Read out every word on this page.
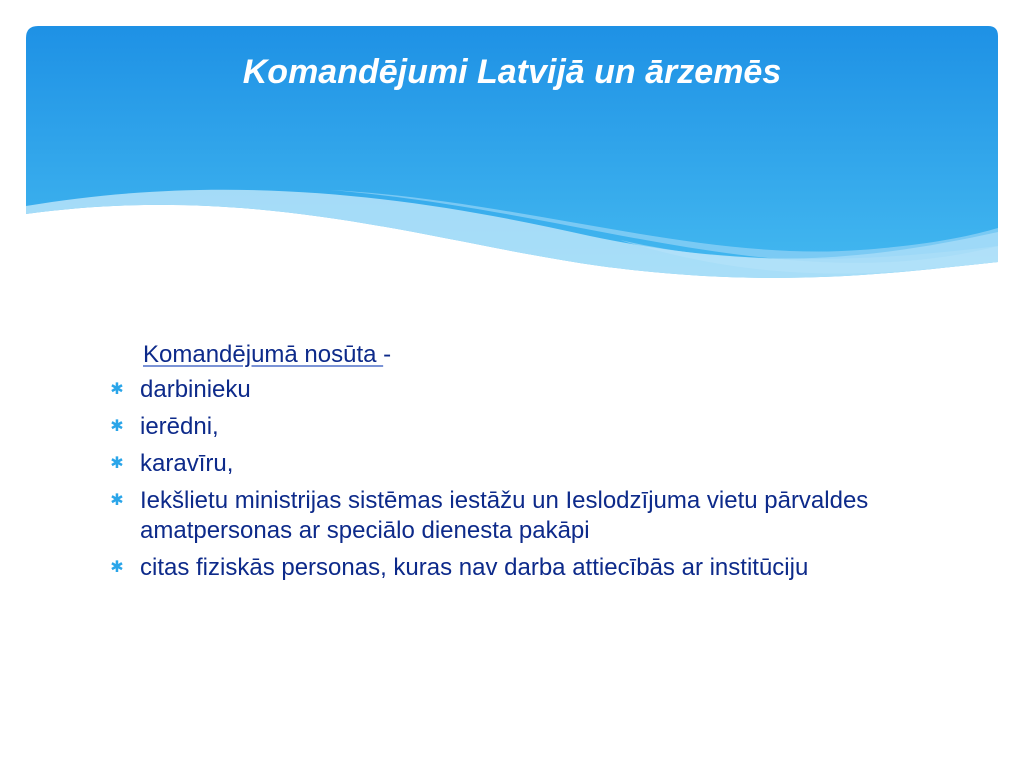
Komandējumi Latvijā un ārzemēs
Komandējumā nosūta -
✱ darbinieku
✱ ierēdni,
✱ karavīru,
✱ Iekšlietu ministrijas sistēmas iestāžu un Ieslodzījuma vietu pārvaldes amatpersonas ar speciālo dienesta pakāpi
✱ citas fiziskās personas, kuras nav darba attiecībās ar institūciju
